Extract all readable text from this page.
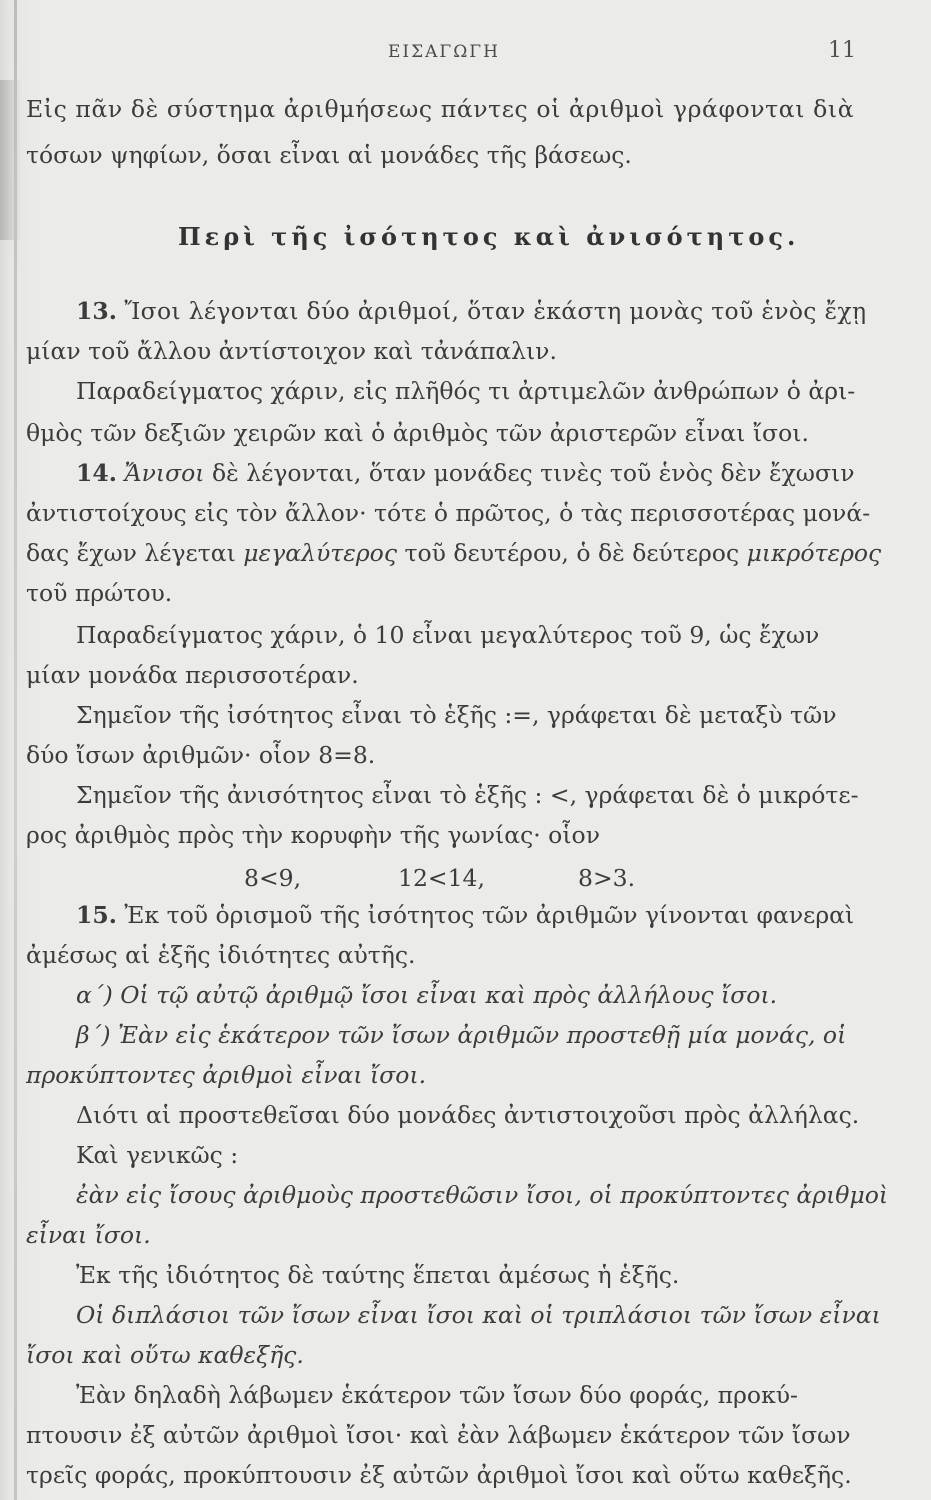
ΕΙΣΑΓΩΓΗ	11
Εἰς πᾶν δὲ σύστημα ἀριθμήσεως πάντες οἱ ἀριθμοὶ γράφονται διὰ
τόσων ψηφίων, ὅσαι εἶναι αἱ μονάδες τῆς βάσεως.
Περὶ τῆς ἰσότητος καὶ ἀνισότητος.
13. Ἴσοι λέγονται δύο ἀριθμοί, ὅταν ἑκάστη μονὰς τοῦ ἑνὸς ἔχῃ
μίαν τοῦ ἄλλου ἀντίστοιχον καὶ τἀνάπαλιν.
Παραδείγματος χάριν, εἰς πλῆθός τι ἀρτιμελῶν ἀνθρώπων ὁ ἀρι-
θμὸς τῶν δεξιῶν χειρῶν καὶ ὁ ἀριθμὸς τῶν ἀριστερῶν εἶναι ἴσοι.
14. Ἄνισοι δὲ λέγονται, ὅταν μονάδες τινὲς τοῦ ἑνὸς δὲν ἔχωσιν
ἀντιστοίχους εἰς τὸν ἄλλον· τότε ὁ πρῶτος, ὁ τὰς περισσοτέρας μονά-
δας ἔχων λέγεται μεγαλύτερος τοῦ δευτέρου, ὁ δὲ δεύτερος μικρότερος
τοῦ πρώτου.
Παραδείγματος χάριν, ὁ 10 εἶναι μεγαλύτερος τοῦ 9, ὡς ἔχων
μίαν μονάδα περισσοτέραν.
Σημεῖον τῆς ἰσότητος εἶναι τὸ ἑξῆς :=, γράφεται δὲ μεταξὺ τῶν
δύο ἴσων ἀριθμῶν· οἷον 8=8.
Σημεῖον τῆς ἀνισότητος εἶναι τὸ ἑξῆς : <, γράφεται δὲ ὁ μικρότε-
ρος ἀριθμὸς πρὸς τὴν κορυφὴν τῆς γωνίας· οἷον
8<9,	12<14,	8>3.
15. Ἐκ τοῦ ὁρισμοῦ τῆς ἰσότητος τῶν ἀριθμῶν γίνονται φανεραὶ
ἀμέσως αἱ ἑξῆς ἰδιότητες αὐτῆς.
α΄) Οἱ τῷ αὐτῷ ἀριθμῷ ἴσοι εἶναι καὶ πρὸς ἀλλήλους ἴσοι.
β΄) Ἐὰν εἰς ἑκάτερον τῶν ἴσων ἀριθμῶν προστεθῇ μία μονάς, οἱ
προκύπτοντες ἀριθμοὶ εἶναι ἴσοι.
Διότι αἱ προστεθεῖσαι δύο μονάδες ἀντιστοιχοῦσι πρὸς ἀλλήλας.
Καὶ γενικῶς :
ἐὰν εἰς ἴσους ἀριθμοὺς προστεθῶσιν ἴσοι, οἱ προκύπτοντες ἀριθμοὶ
εἶναι ἴσοι.
Ἐκ τῆς ἰδιότητος δὲ ταύτης ἕπεται ἀμέσως ἡ ἑξῆς.
Οἱ διπλάσιοι τῶν ἴσων εἶναι ἴσοι καὶ οἱ τριπλάσιοι τῶν ἴσων εἶναι
ἴσοι καὶ οὕτω καθεξῆς.
Ἐὰν δηλαδὴ λάβωμεν ἑκάτερον τῶν ἴσων δύο φοράς, προκύ-
πτουσιν ἐξ αὐτῶν ἀριθμοὶ ἴσοι· καὶ ἐὰν λάβωμεν ἑκάτερον τῶν ἴσων
τρεῖς φοράς, προκύπτουσιν ἐξ αὐτῶν ἀριθμοὶ ἴσοι καὶ οὕτω καθεξῆς.
